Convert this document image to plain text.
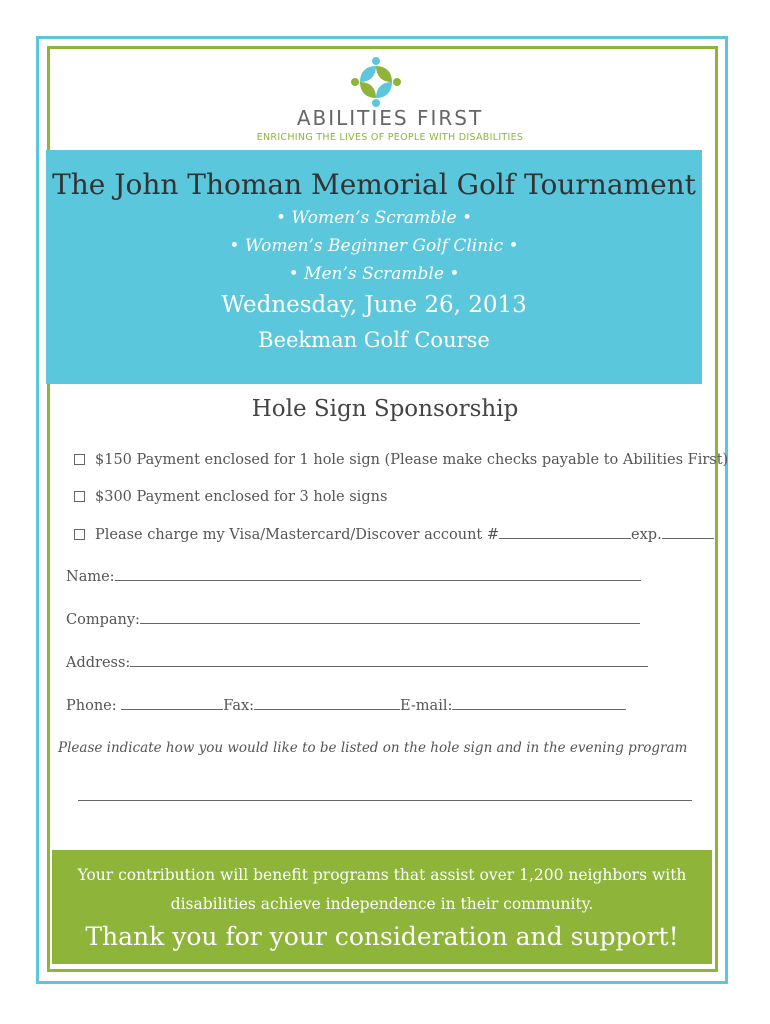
ABILITIES FIRST
ENRICHING THE LIVES OF PEOPLE WITH DISABILITIES
The John Thoman Memorial Golf Tournament
• Women’s Scramble •
• Women’s Beginner Golf Clinic •
• Men’s Scramble •
Wednesday, June 26, 2013
Beekman Golf Course
Hole Sign Sponsorship
$150 Payment enclosed for 1 hole sign (Please make checks payable to Abilities First)
$300 Payment enclosed for 3 hole signs
Please charge my Visa/Mastercard/Discover account #	exp.
Name:
Company:
Address:
Phone:	Fax:	E-mail:
Please indicate how you would like to be listed on the hole sign and in the evening program
Your contribution will benefit programs that assist over 1,200 neighbors with
disabilities achieve independence in their community.
Thank you for your consideration and support!
